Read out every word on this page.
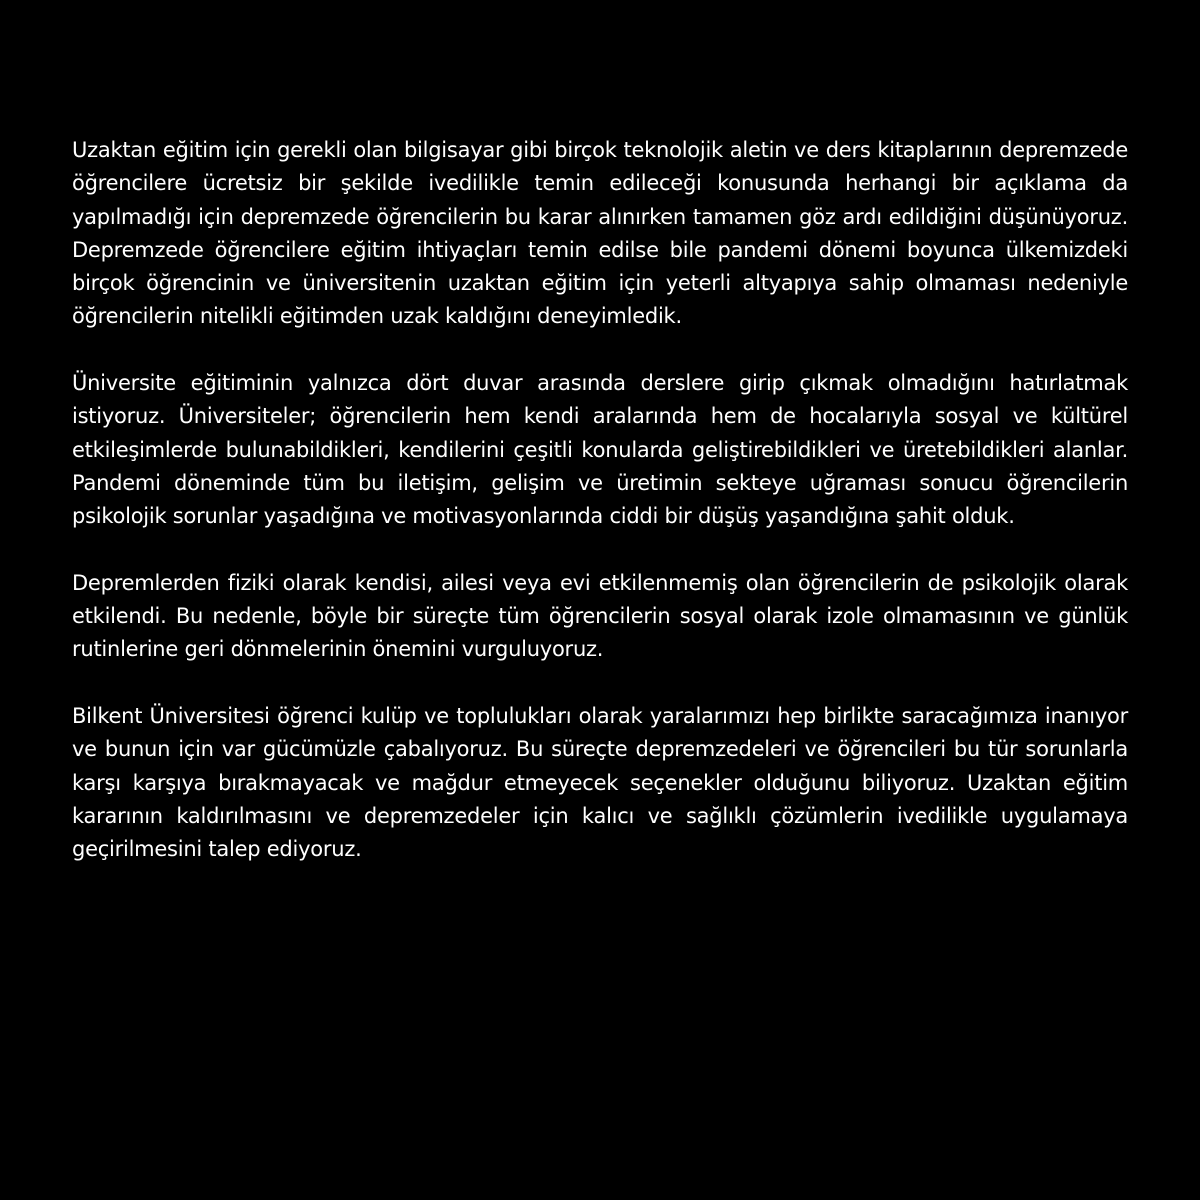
Uzaktan eğitim için gerekli olan bilgisayar gibi birçok teknolojik aletin ve ders kitaplarının depremzede öğrencilere ücretsiz bir şekilde ivedilikle temin edileceği konusunda herhangi bir açıklama da yapılmadığı için depremzede öğrencilerin bu karar alınırken tamamen göz ardı edildiğini düşünüyoruz. Depremzede öğrencilere eğitim ihtiyaçları temin edilse bile pandemi dönemi boyunca ülkemizdeki birçok öğrencinin ve üniversitenin uzaktan eğitim için yeterli altyapıya sahip olmaması nedeniyle öğrencilerin nitelikli eğitimden uzak kaldığını deneyimledik.

Üniversite eğitiminin yalnızca dört duvar arasında derslere girip çıkmak olmadığını hatırlatmak istiyoruz. Üniversiteler; öğrencilerin hem kendi aralarında hem de hocalarıyla sosyal ve kültürel etkileşimlerde bulunabildikleri, kendilerini çeşitli konularda geliştirebildikleri ve üretebildikleri alanlar. Pandemi döneminde tüm bu iletişim, gelişim ve üretimin sekteye uğraması sonucu öğrencilerin psikolojik sorunlar yaşadığına ve motivasyonlarında ciddi bir düşüş yaşandığına şahit olduk.

Depremlerden fiziki olarak kendisi, ailesi veya evi etkilenmemiş olan öğrencilerin de psikolojik olarak etkilendi. Bu nedenle, böyle bir süreçte tüm öğrencilerin sosyal olarak izole olmamasının ve günlük rutinlerine geri dönmelerinin önemini vurguluyoruz.

Bilkent Üniversitesi öğrenci kulüp ve toplulukları olarak yaralarımızı hep birlikte saracağımıza inanıyor ve bunun için var gücümüzle çabalıyoruz. Bu süreçte depremzedeleri ve öğrencileri bu tür sorunlarla karşı karşıya bırakmayacak ve mağdur etmeyecek seçenekler olduğunu biliyoruz. Uzaktan eğitim kararının kaldırılmasını ve depremzedeler için kalıcı ve sağlıklı çözümlerin ivedilikle uygulamaya geçirilmesini talep ediyoruz.
